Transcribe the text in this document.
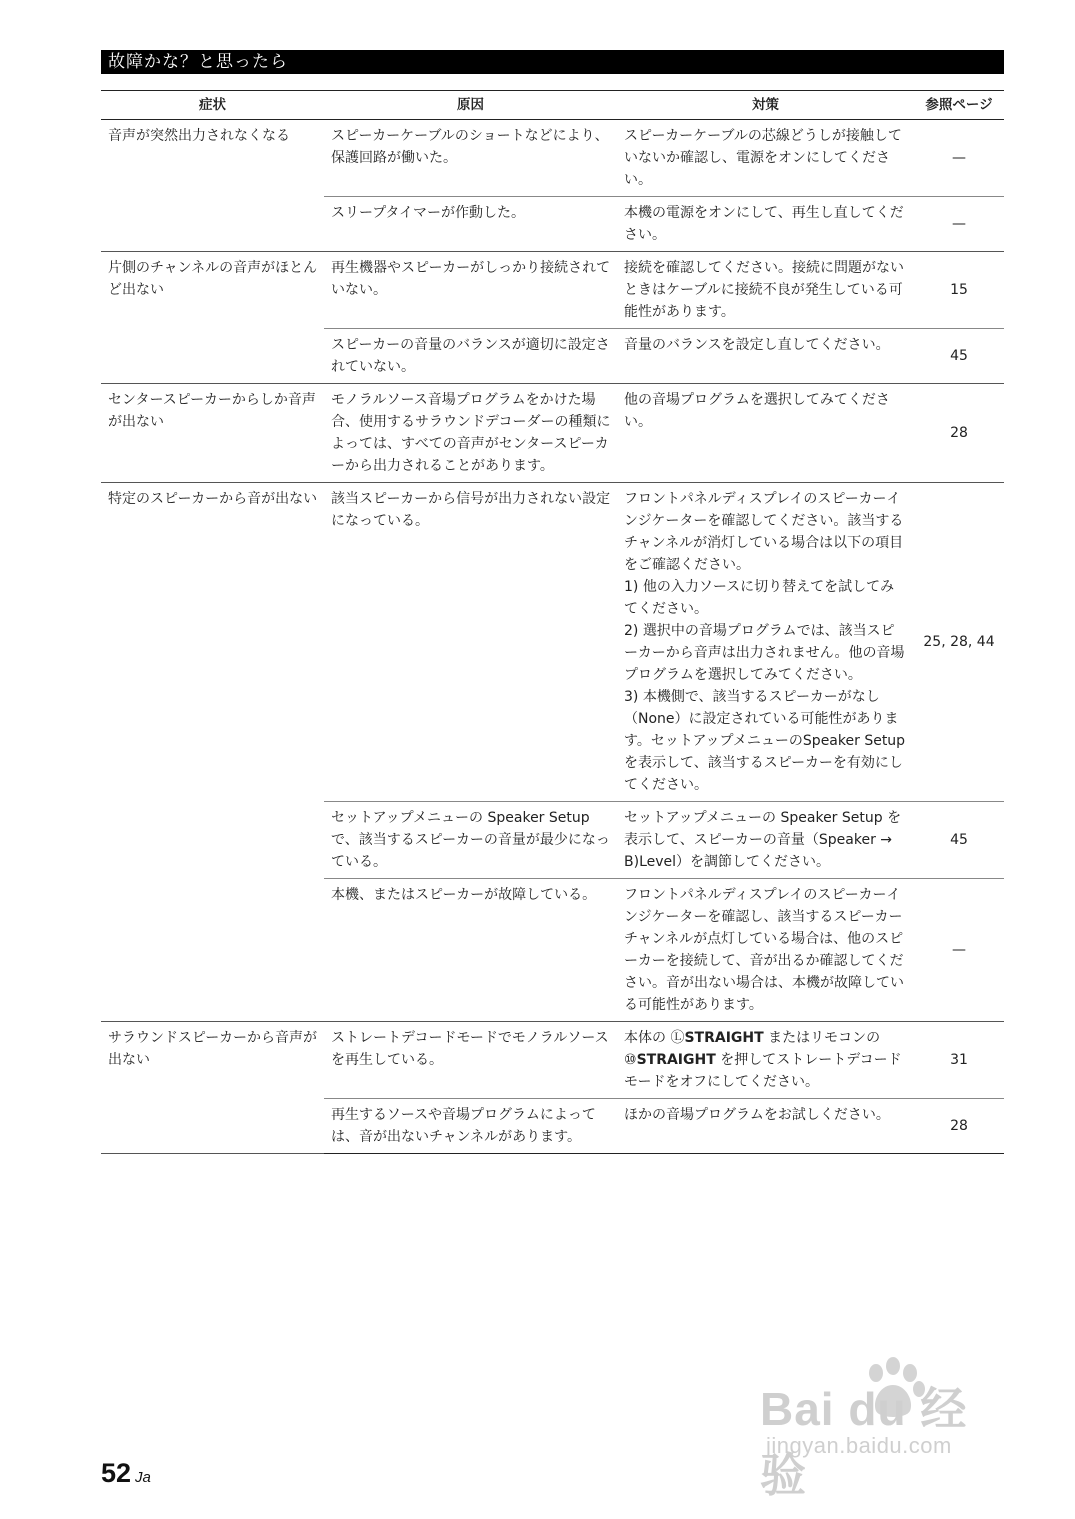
故障かな？と思ったら
症状	原因	対策	参照ページ
音声が突然出力されなくなる	スピーカーケーブルのショートなどにより、保護回路が働いた。	スピーカーケーブルの芯線どうしが接触していないか確認し、電源をオンにしてください。	—
	スリープタイマーが作動した。	本機の電源をオンにして、再生し直してください。	—
片側のチャンネルの音声がほとんど出ない	再生機器やスピーカーがしっかり接続されていない。	接続を確認してください。接続に問題がないときはケーブルに接続不良が発生している可能性があります。	15
	スピーカーの音量のバランスが適切に設定されていない。	音量のバランスを設定し直してください。	45
センタースピーカーからしか音声が出ない	モノラルソース音場プログラムをかけた場合、使用するサラウンドデコーダーの種類によっては、すべての音声がセンタースピーカーから出力されることがあります。	他の音場プログラムを選択してみてください。	28
特定のスピーカーから音が出ない	該当スピーカーから信号が出力されない設定になっている。	フロントパネルディスプレイのスピーカーインジケーターを確認してください。該当するチャンネルが消灯している場合は以下の項目をご確認ください。
1) 他の入力ソースに切り替えてを試してみてください。
2) 選択中の音場プログラムでは、該当スピーカーから音声は出力されません。他の音場プログラムを選択してみてください。
3) 本機側で、該当するスピーカーがなし（None）に設定されている可能性があります。セットアップメニューのSpeaker Setup を表示して、該当するスピーカーを有効にしてください。	25, 28, 44
	セットアップメニューの Speaker Setup で、該当するスピーカーの音量が最少になっている。	セットアップメニューの Speaker Setup を表示して、スピーカーの音量（Speaker → B)Level）を調節してください。	45
	本機、またはスピーカーが故障している。	フロントパネルディスプレイのスピーカーインジケーターを確認し、該当するスピーカーチャンネルが点灯している場合は、他のスピーカーを接続して、音が出るか確認してください。音が出ない場合は、本機が故障している可能性があります。	—
サラウンドスピーカーから音声が出ない	ストレートデコードモードでモノラルソースを再生している。	本体の ⓁSTRAIGHT またはリモコンの ⑩STRAIGHT を押してストレートデコードモードをオフにしてください。	31
	再生するソースや音場プログラムによっては、音が出ないチャンネルがあります。	ほかの音場プログラムをお試しください。	28
52 Ja
Bai du 经验
jingyan.baidu.com
